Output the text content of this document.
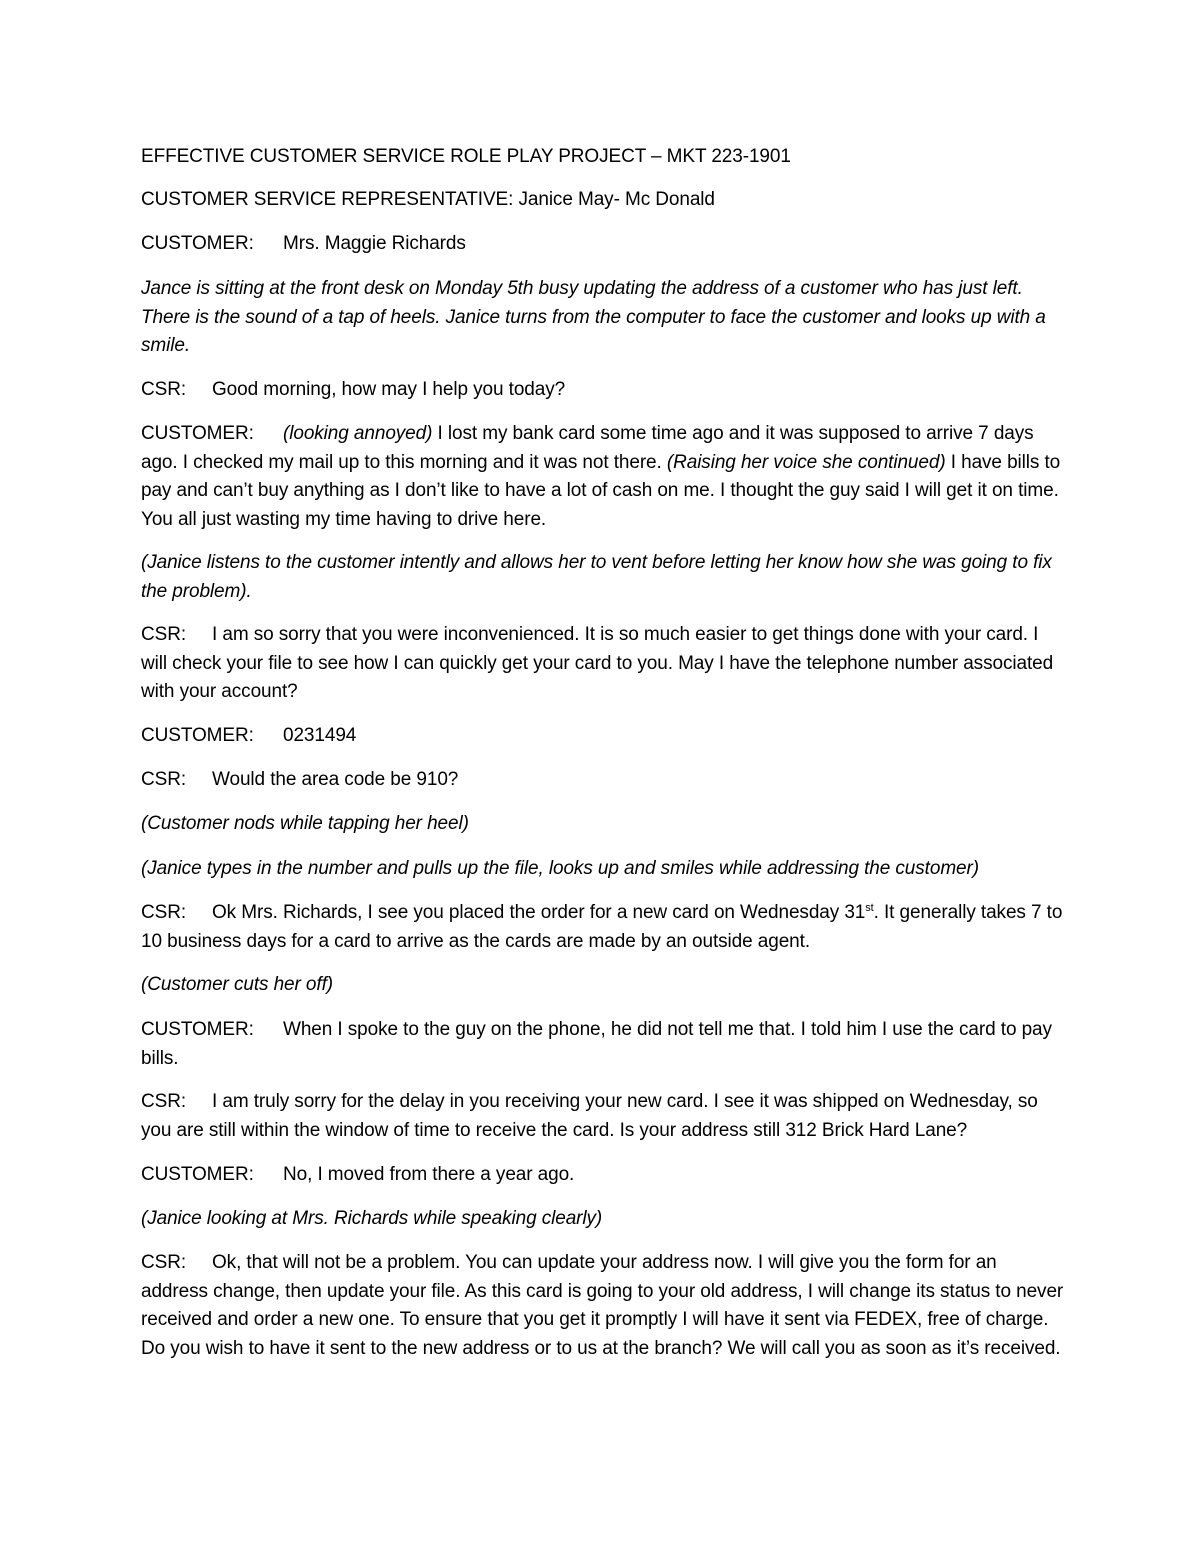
EFFECTIVE CUSTOMER SERVICE ROLE PLAY PROJECT – MKT 223-1901

CUSTOMER SERVICE REPRESENTATIVE: Janice May- Mc Donald

CUSTOMER: Mrs. Maggie Richards

Jance is sitting at the front desk on Monday 5th busy updating the address of a customer who has just left. There is the sound of a tap of heels. Janice turns from the computer to face the customer and looks up with a smile.

CSR: Good morning, how may I help you today?

CUSTOMER: (looking annoyed) I lost my bank card some time ago and it was supposed to arrive 7 days ago. I checked my mail up to this morning and it was not there. (Raising her voice she continued) I have bills to pay and can’t buy anything as I don’t like to have a lot of cash on me. I thought the guy said I will get it on time. You all just wasting my time having to drive here.

(Janice listens to the customer intently and allows her to vent before letting her know how she was going to fix the problem).

CSR: I am so sorry that you were inconvenienced. It is so much easier to get things done with your card. I will check your file to see how I can quickly get your card to you. May I have the telephone number associated with your account?

CUSTOMER: 0231494

CSR: Would the area code be 910?

(Customer nods while tapping her heel)

(Janice types in the number and pulls up the file, looks up and smiles while addressing the customer)

CSR: Ok Mrs. Richards, I see you placed the order for a new card on Wednesday 31st. It generally takes 7 to 10 business days for a card to arrive as the cards are made by an outside agent.

(Customer cuts her off)

CUSTOMER: When I spoke to the guy on the phone, he did not tell me that. I told him I use the card to pay bills.

CSR: I am truly sorry for the delay in you receiving your new card. I see it was shipped on Wednesday, so you are still within the window of time to receive the card. Is your address still 312 Brick Hard Lane?

CUSTOMER: No, I moved from there a year ago.

(Janice looking at Mrs. Richards while speaking clearly)

CSR: Ok, that will not be a problem. You can update your address now. I will give you the form for an address change, then update your file. As this card is going to your old address, I will change its status to never received and order a new one. To ensure that you get it promptly I will have it sent via FEDEX, free of charge. Do you wish to have it sent to the new address or to us at the branch? We will call you as soon as it’s received.
